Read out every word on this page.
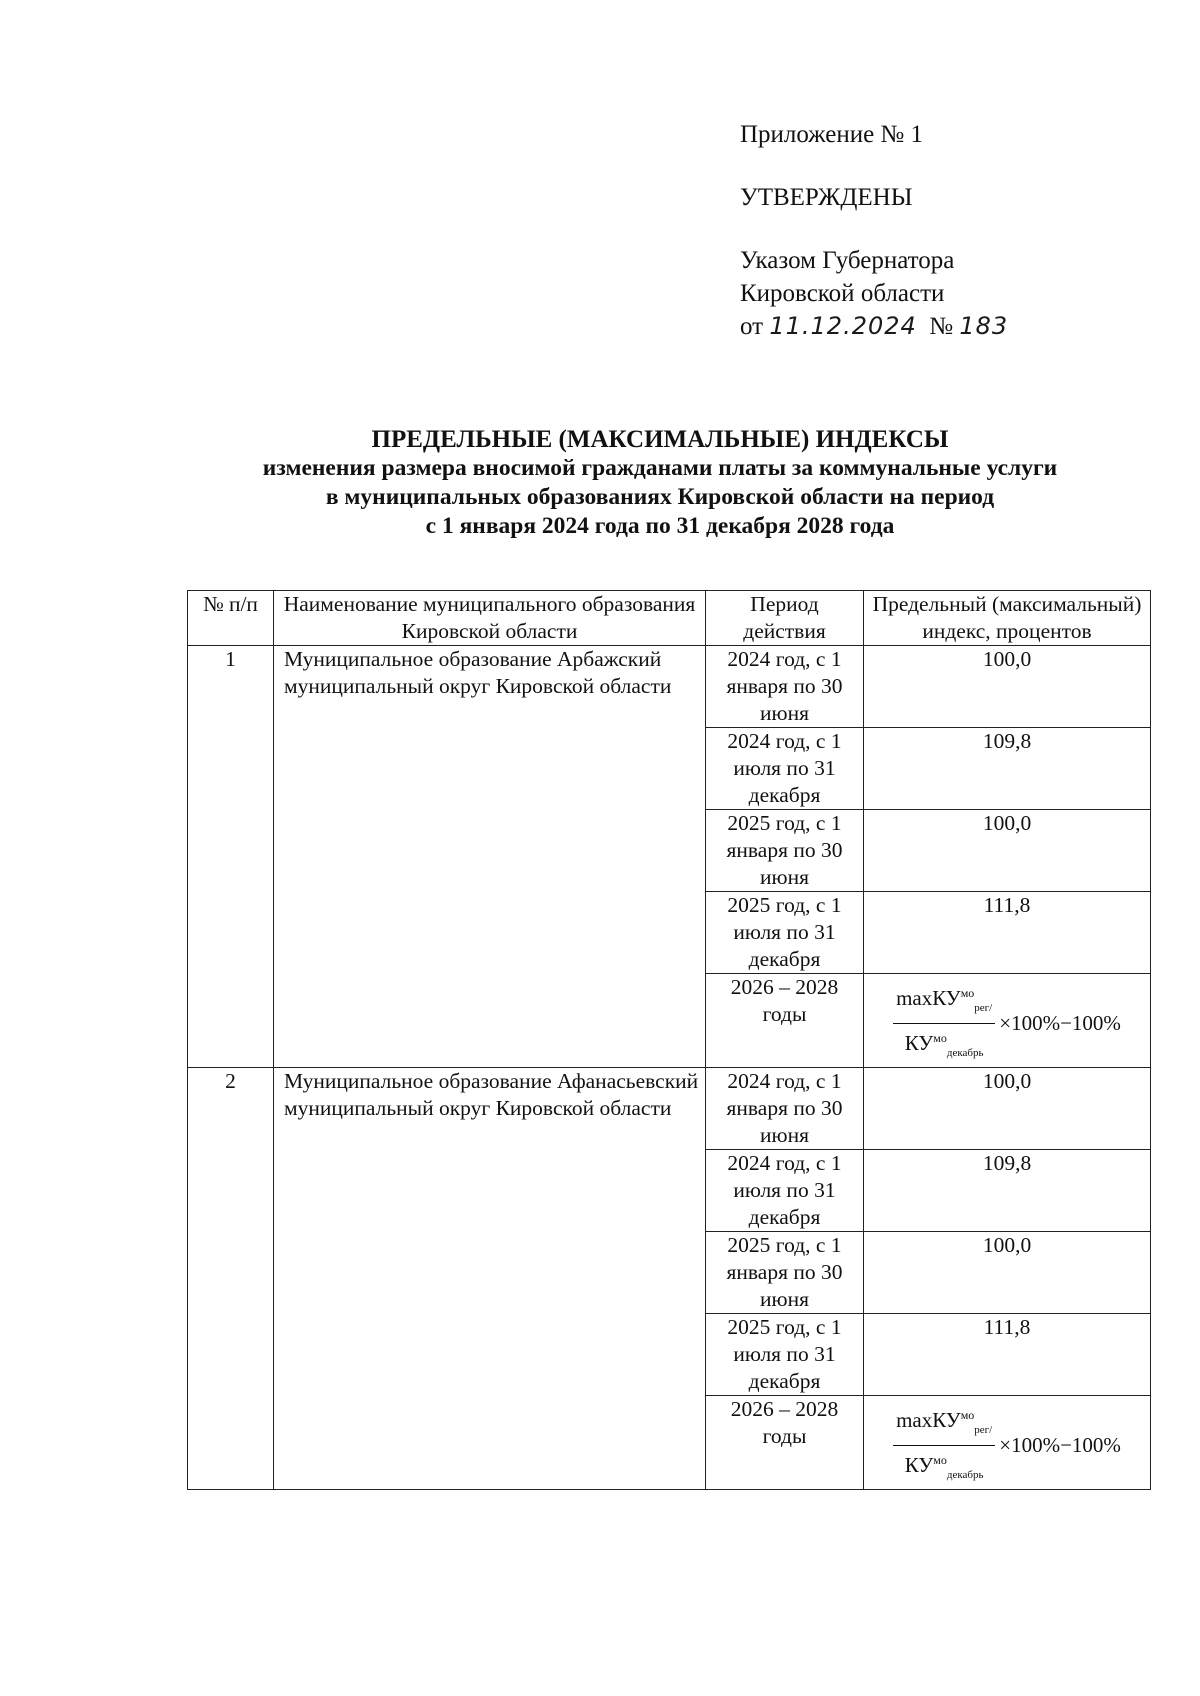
Приложение № 1
УТВЕРЖДЕНЫ
Указом Губернатора
Кировской области
от 11.12.2024 № 183
ПРЕДЕЛЬНЫЕ (МАКСИМАЛЬНЫЕ) ИНДЕКСЫ
изменения размера вносимой гражданами платы за коммунальные услуги
в муниципальных образованиях Кировской области на период
с 1 января 2024 года по 31 декабря 2028 года
№ п/п	Наименование муниципального образования Кировской области	Период действия	Предельный (максимальный) индекс, процентов
1	Муниципальное образование Арбажский муниципальный округ Кировской области	2024 год, с 1 января по 30 июня	100,0
		2024 год, с 1 июля по 31 декабря	109,8
		2025 год, с 1 января по 30 июня	100,0
		2025 год, с 1 июля по 31 декабря	111,8
		2026 – 2028 годы	$\frac{\max КУ^{мо}_{рег/}}{КУ^{мо}_{декабрь}} \times 100\%-100\%$

2	Муниципальное образование Афанасьевский муниципальный округ Кировской области	2024 год, с 1 января по 30 июня	100,0
		2024 год, с 1 июля по 31 декабря	109,8
		2025 год, с 1 января по 30 июня	100,0
		2025 год, с 1 июля по 31 декабря	111,8
		2026 – 2028 годы	$\frac{\max КУ^{мо}_{рег/}}{КУ^{мо}_{декабрь}} \times 100\%-100\%$
